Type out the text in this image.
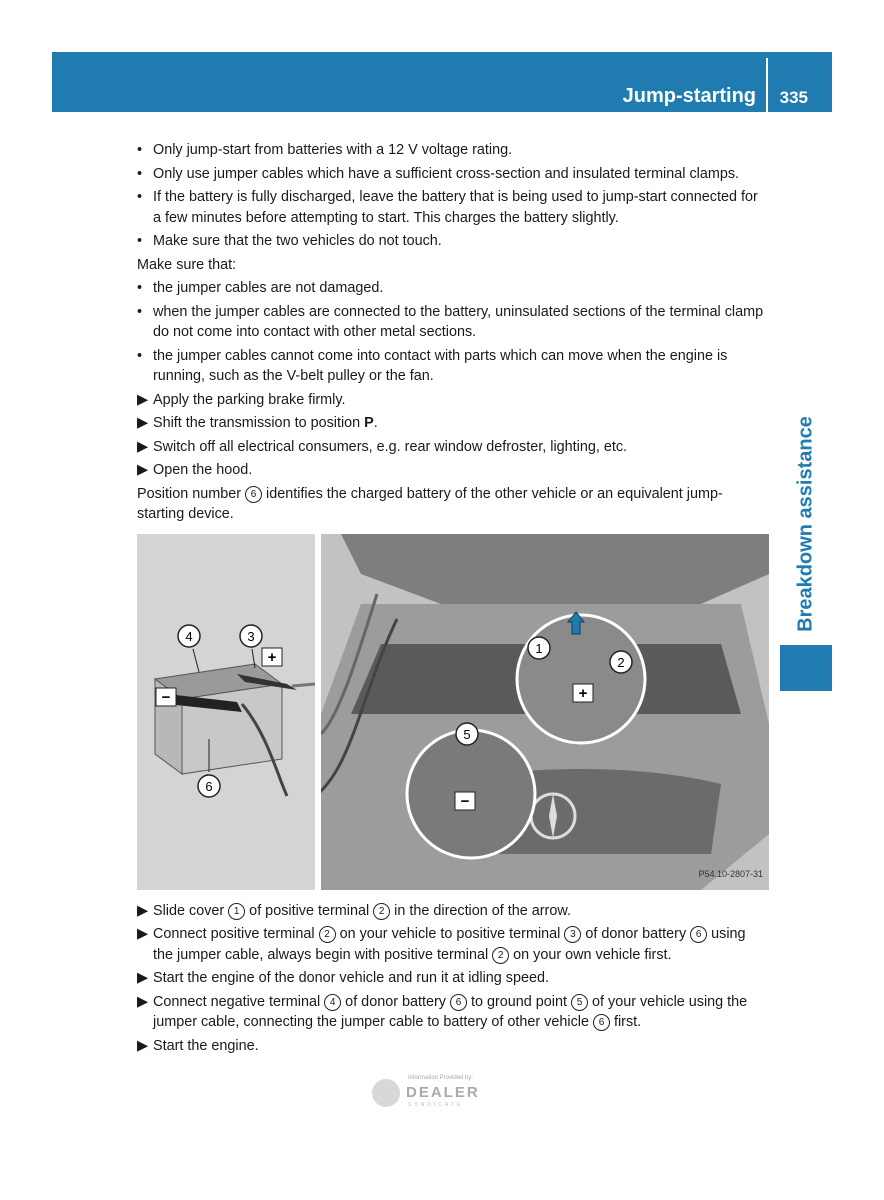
Jump-starting 335
Breakdown assistance
• Only jump-start from batteries with a 12 V voltage rating.
• Only use jumper cables which have a sufficient cross-section and insulated terminal clamps.
• If the battery is fully discharged, leave the battery that is being used to jump-start connected for a few minutes before attempting to start. This charges the battery slightly.
• Make sure that the two vehicles do not touch.
Make sure that:
• the jumper cables are not damaged.
• when the jumper cables are connected to the battery, uninsulated sections of the terminal clamp do not come into contact with other metal sections.
• the jumper cables cannot come into contact with parts which can move when the engine is running, such as the V-belt pulley or the fan.
▶ Apply the parking brake firmly.
▶ Shift the transmission to position P.
▶ Switch off all electrical consumers, e.g. rear window defroster, lighting, etc.
▶ Open the hood.
Position number 6 identifies the charged battery of the other vehicle or an equivalent jump-starting device.
4	3
6
+
−
1
2
5
+
−
P54.10-2807-31
▶ Slide cover 1 of positive terminal 2 in the direction of the arrow.
▶ Connect positive terminal 2 on your vehicle to positive terminal 3 of donor battery 6 using the jumper cable, always begin with positive terminal 2 on your own vehicle first.
▶ Start the engine of the donor vehicle and run it at idling speed.
▶ Connect negative terminal 4 of donor battery 6 to ground point 5 of your vehicle using the jumper cable, connecting the jumper cable to battery of other vehicle 6 first.
▶ Start the engine.
Information Provided by:
DEALER
SYNDICATE
